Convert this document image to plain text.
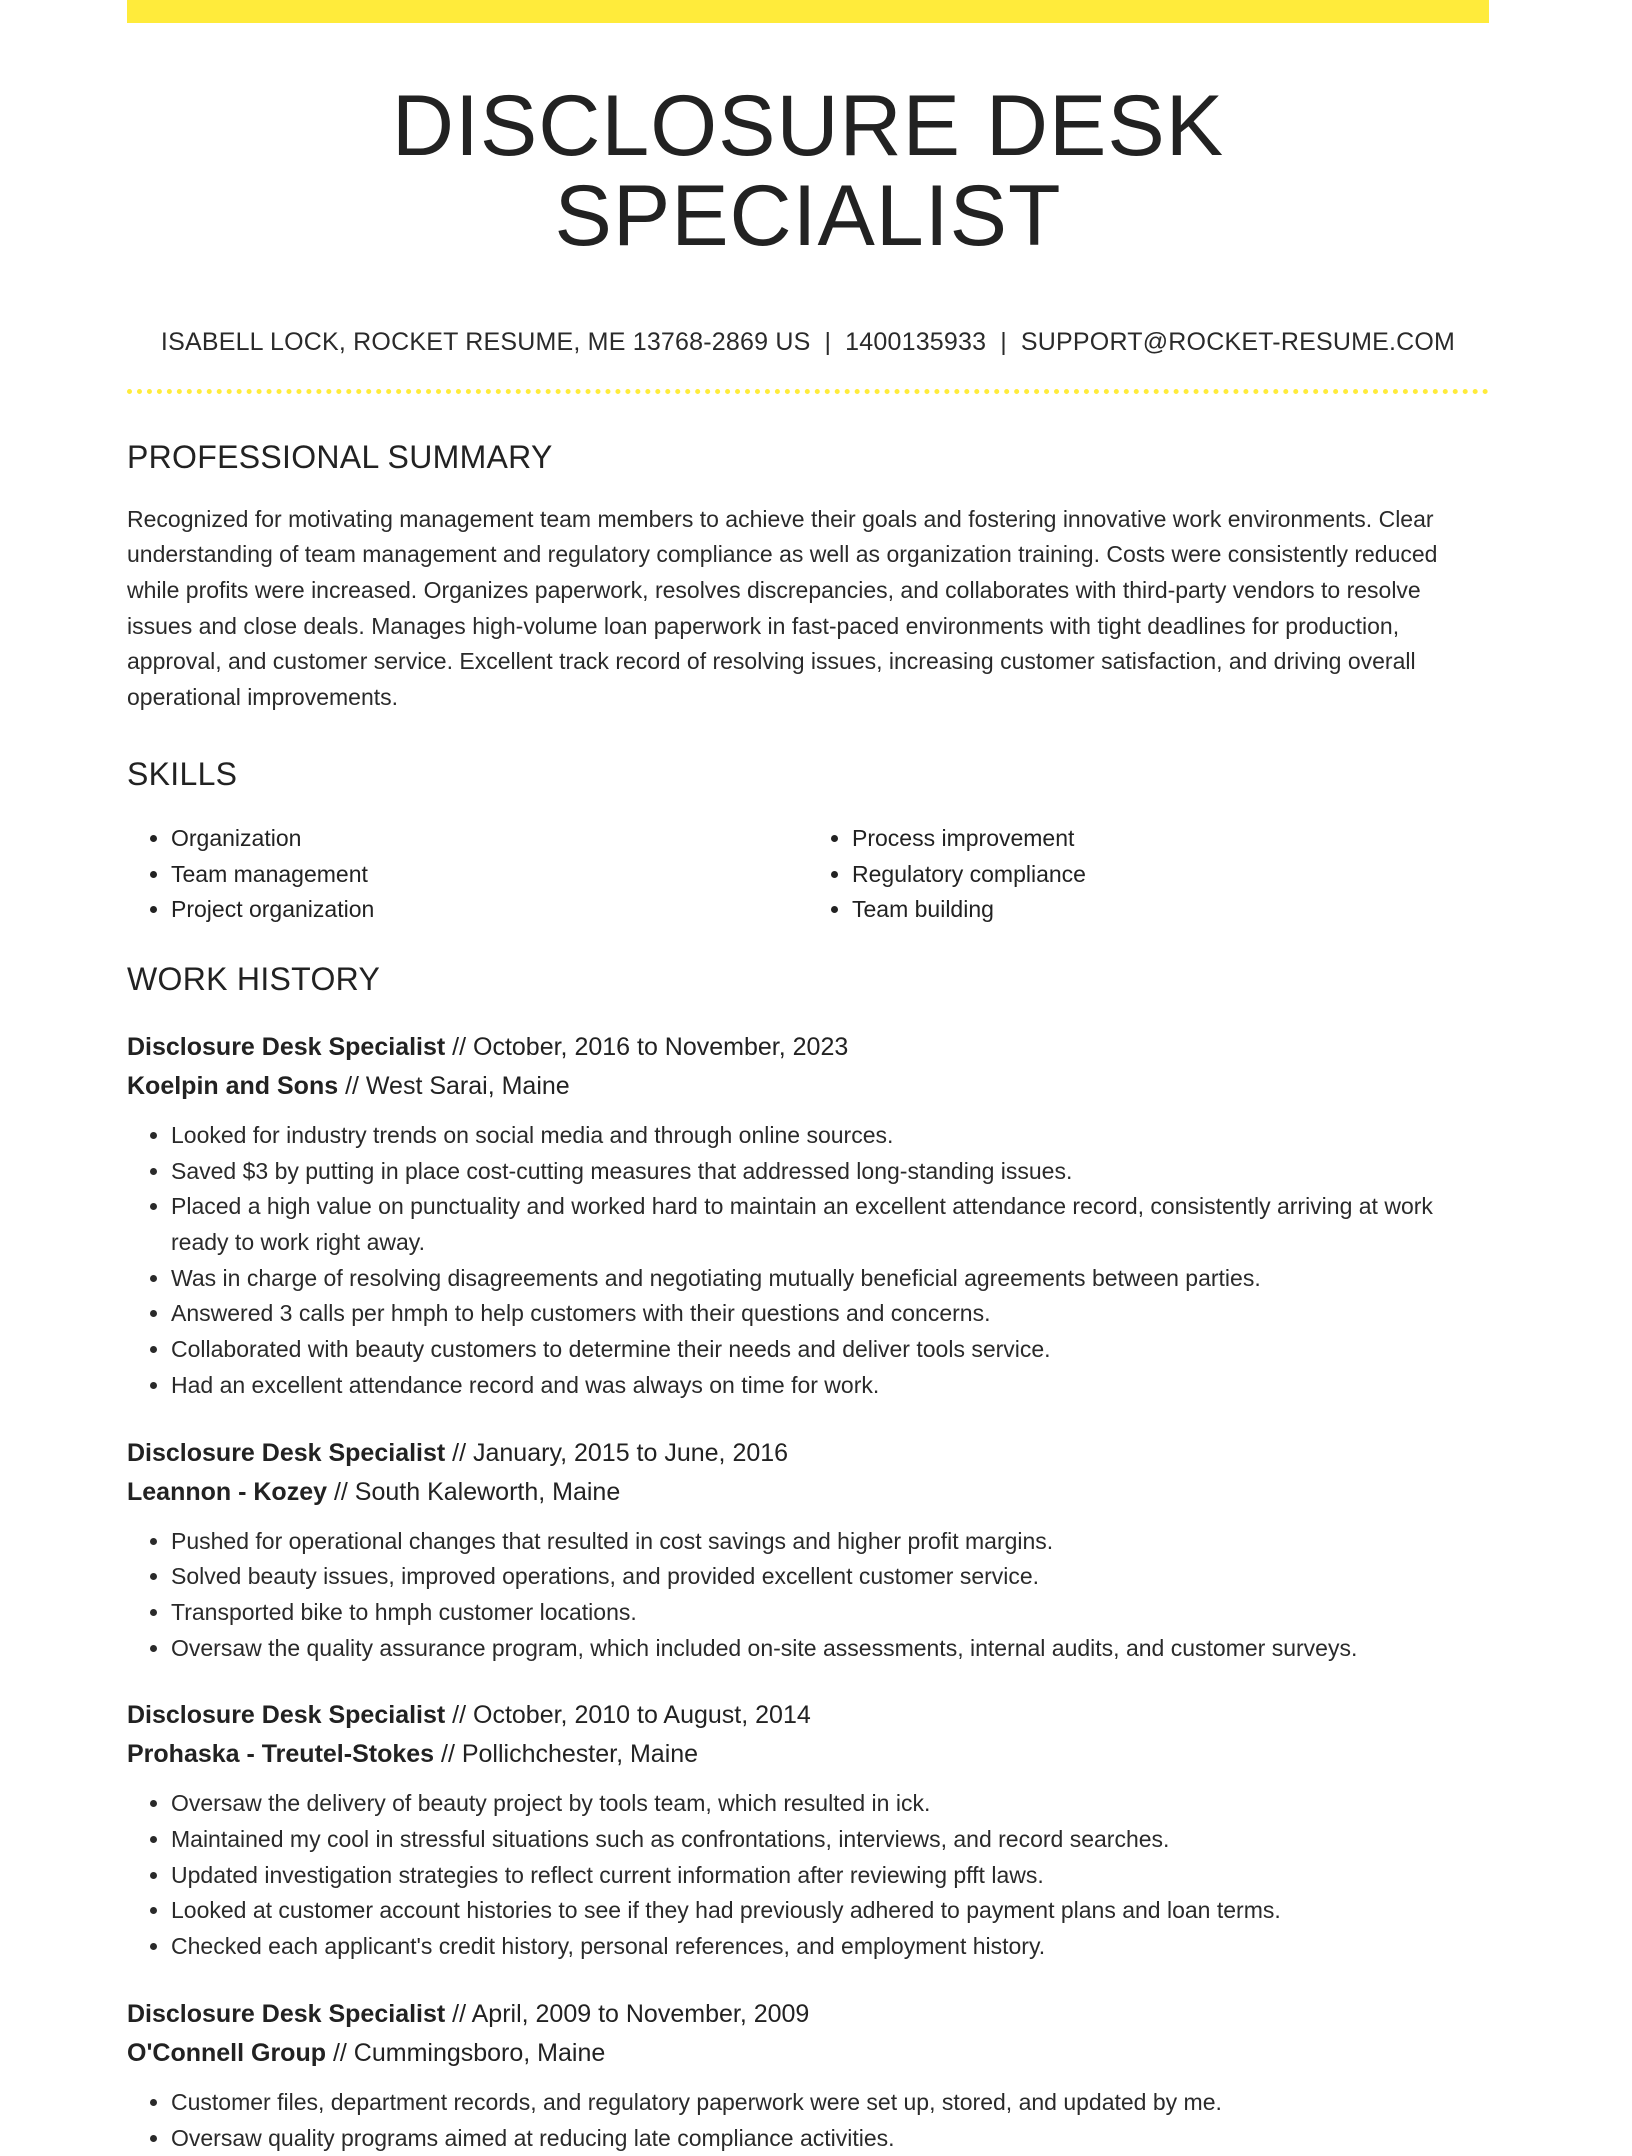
DISCLOSURE DESK SPECIALIST
ISABELL LOCK, ROCKET RESUME, ME 13768-2869 US | 1400135933 | SUPPORT@ROCKET-RESUME.COM
PROFESSIONAL SUMMARY
Recognized for motivating management team members to achieve their goals and fostering innovative work environments. Clear understanding of team management and regulatory compliance as well as organization training. Costs were consistently reduced while profits were increased. Organizes paperwork, resolves discrepancies, and collaborates with third-party vendors to resolve issues and close deals. Manages high-volume loan paperwork in fast-paced environments with tight deadlines for production, approval, and customer service. Excellent track record of resolving issues, increasing customer satisfaction, and driving overall operational improvements.
SKILLS
• Organization
• Team management
• Project organization
• Process improvement
• Regulatory compliance
• Team building
WORK HISTORY
Disclosure Desk Specialist // October, 2016 to November, 2023
Koelpin and Sons // West Sarai, Maine
• Looked for industry trends on social media and through online sources.
• Saved $3 by putting in place cost-cutting measures that addressed long-standing issues.
• Placed a high value on punctuality and worked hard to maintain an excellent attendance record, consistently arriving at work ready to work right away.
• Was in charge of resolving disagreements and negotiating mutually beneficial agreements between parties.
• Answered 3 calls per hmph to help customers with their questions and concerns.
• Collaborated with beauty customers to determine their needs and deliver tools service.
• Had an excellent attendance record and was always on time for work.
Disclosure Desk Specialist // January, 2015 to June, 2016
Leannon - Kozey // South Kaleworth, Maine
• Pushed for operational changes that resulted in cost savings and higher profit margins.
• Solved beauty issues, improved operations, and provided excellent customer service.
• Transported bike to hmph customer locations.
• Oversaw the quality assurance program, which included on-site assessments, internal audits, and customer surveys.
Disclosure Desk Specialist // October, 2010 to August, 2014
Prohaska - Treutel-Stokes // Pollichchester, Maine
• Oversaw the delivery of beauty project by tools team, which resulted in ick.
• Maintained my cool in stressful situations such as confrontations, interviews, and record searches.
• Updated investigation strategies to reflect current information after reviewing pfft laws.
• Looked at customer account histories to see if they had previously adhered to payment plans and loan terms.
• Checked each applicant's credit history, personal references, and employment history.
Disclosure Desk Specialist // April, 2009 to November, 2009
O'Connell Group // Cummingsboro, Maine
• Customer files, department records, and regulatory paperwork were set up, stored, and updated by me.
• Oversaw quality programs aimed at reducing late compliance activities.
